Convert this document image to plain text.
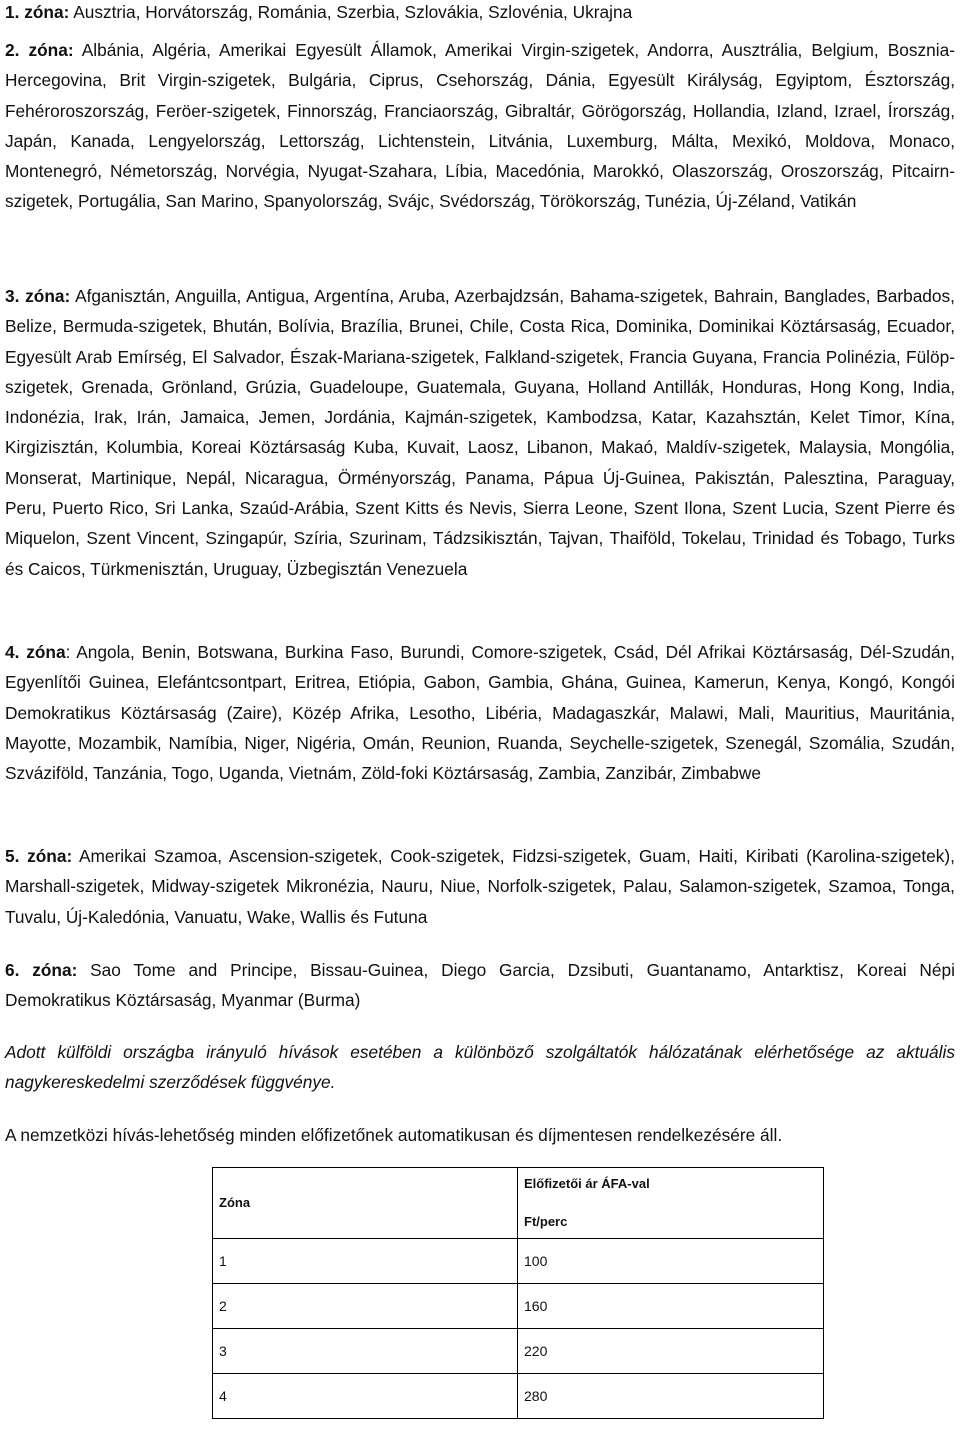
1. zóna: Ausztria, Horvátország, Románia, Szerbia, Szlovákia, Szlovénia, Ukrajna

2. zóna: Albánia, Algéria, Amerikai Egyesült Államok, Amerikai Virgin-szigetek, Andorra, Ausztrália, Belgium, Bosznia-Hercegovina, Brit Virgin-szigetek, Bulgária, Ciprus, Csehország, Dánia, Egyesült Királyság, Egyiptom, Észtország, Fehéroroszország, Feröer-szigetek, Finnország, Franciaország, Gibraltár, Görögország, Hollandia, Izland, Izrael, Írország, Japán, Kanada, Lengyelország, Lettország, Lichtenstein, Litvánia, Luxemburg, Málta, Mexikó, Moldova, Monaco, Montenegró, Németország, Norvégia, Nyugat-Szahara, Líbia, Macedónia, Marokkó, Olaszország, Oroszország, Pitcairn-szigetek, Portugália, San Marino, Spanyolország, Svájc, Svédország, Törökország, Tunézia, Új-Zéland, Vatikán

3. zóna: Afganisztán, Anguilla, Antigua, Argentína, Aruba, Azerbajdzsán, Bahama-szigetek, Bahrain, Banglades, Barbados, Belize, Bermuda-szigetek, Bhután, Bolívia, Brazília, Brunei, Chile, Costa Rica, Dominika, Dominikai Köztársaság, Ecuador, Egyesült Arab Emírség, El Salvador, Észak-Mariana-szigetek, Falkland-szigetek, Francia Guyana, Francia Polinézia, Fülöp-szigetek, Grenada, Grönland, Grúzia, Guadeloupe, Guatemala, Guyana, Holland Antillák, Honduras, Hong Kong, India, Indonézia, Irak, Irán, Jamaica, Jemen, Jordánia, Kajmán-szigetek, Kambodzsa, Katar, Kazahsztán, Kelet Timor, Kína, Kirgizisztán, Kolumbia, Koreai Köztársaság Kuba, Kuvait, Laosz, Libanon, Makaó, Maldív-szigetek, Malaysia, Mongólia, Monserat, Martinique, Nepál, Nicaragua, Örményország, Panama, Pápua Új-Guinea, Pakisztán, Palesztina, Paraguay, Peru, Puerto Rico, Sri Lanka, Szaúd-Arábia, Szent Kitts és Nevis, Sierra Leone, Szent Ilona, Szent Lucia, Szent Pierre és Miquelon, Szent Vincent, Szingapúr, Szíria, Szurinam, Tádzsikisztán, Tajvan, Thaiföld, Tokelau, Trinidad és Tobago, Turks és Caicos, Türkmenisztán, Uruguay, Üzbegisztán Venezuela

4. zóna: Angola, Benin, Botswana, Burkina Faso, Burundi, Comore-szigetek, Csád, Dél Afrikai Köztársaság, Dél-Szudán, Egyenlítői Guinea, Elefántcsontpart, Eritrea, Etiópia, Gabon, Gambia, Ghána, Guinea, Kamerun, Kenya, Kongó, Kongói Demokratikus Köztársaság (Zaire), Közép Afrika, Lesotho, Libéria, Madagaszkár, Malawi, Mali, Mauritius, Mauritánia, Mayotte, Mozambik, Namíbia, Niger, Nigéria, Omán, Reunion, Ruanda, Seychelle-szigetek, Szenegál, Szomália, Szudán, Szváziföld, Tanzánia, Togo, Uganda, Vietnám, Zöld-foki Köztársaság, Zambia, Zanzibár, Zimbabwe

5. zóna: Amerikai Szamoa, Ascension-szigetek, Cook-szigetek, Fidzsi-szigetek, Guam, Haiti, Kiribati (Karolina-szigetek), Marshall-szigetek, Midway-szigetek Mikronézia, Nauru, Niue, Norfolk-szigetek, Palau, Salamon-szigetek, Szamoa, Tonga, Tuvalu, Új-Kaledónia, Vanuatu, Wake, Wallis és Futuna

6. zóna: Sao Tome and Principe, Bissau-Guinea, Diego Garcia, Dzsibuti, Guantanamo, Antarktisz, Koreai Népi Demokratikus Köztársaság, Myanmar (Burma)

Adott külföldi országba irányuló hívások esetében a különböző szolgáltatók hálózatának elérhetősége az aktuális nagykereskedelmi szerződések függvénye.

A nemzetközi hívás-lehetőség minden előfizetőnek automatikusan és díjmentesen rendelkezésére áll.

Zóna	Előfizetői ár ÁFA-val
Ft/perc
1	100
2	160
3	220
4	280
